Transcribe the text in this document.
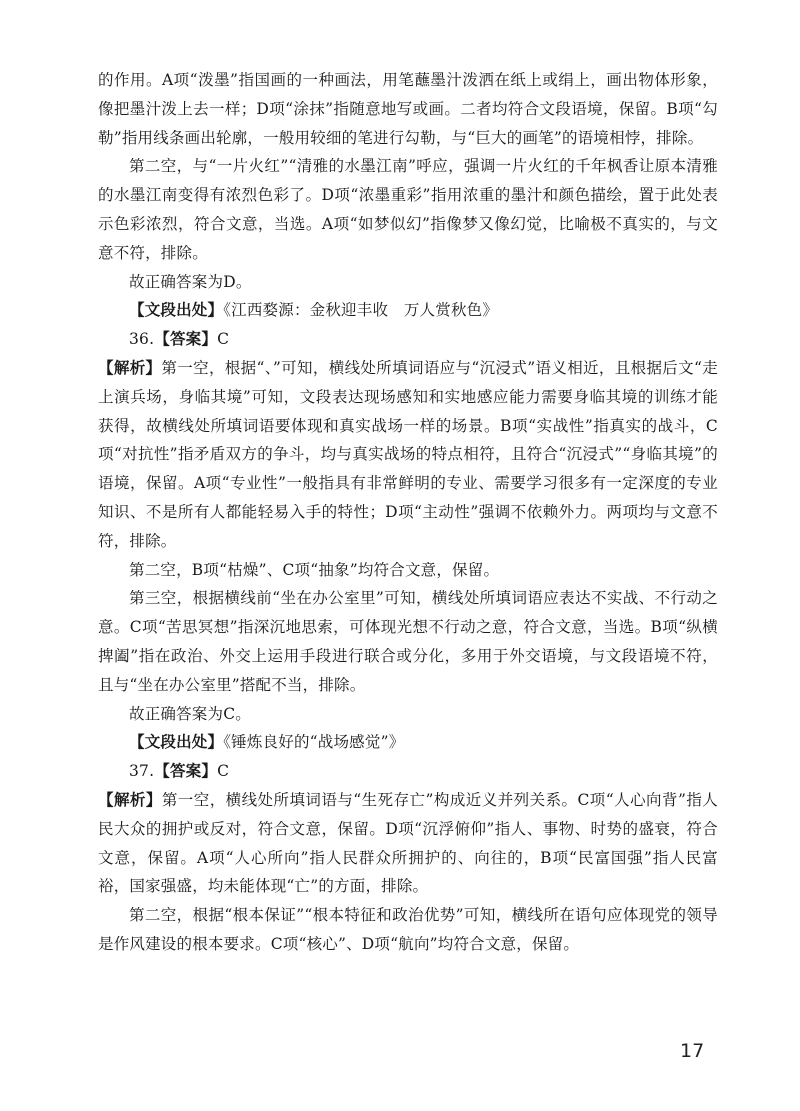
的作用。A项“泼墨”指国画的一种画法，用笔蘸墨汁泼洒在纸上或绢上，画出物体形象，像把墨汁泼上去一样；D项“涂抹”指随意地写或画。二者均符合文段语境，保留。B项“勾勒”指用线条画出轮廓，一般用较细的笔进行勾勒，与“巨大的画笔”的语境相悖，排除。

第二空，与“一片火红”“清雅的水墨江南”呼应，强调一片火红的千年枫香让原本清雅的水墨江南变得有浓烈色彩了。D项“浓墨重彩”指用浓重的墨汁和颜色描绘，置于此处表示色彩浓烈，符合文意，当选。A项“如梦似幻”指像梦又像幻觉，比喻极不真实的，与文意不符，排除。

故正确答案为D。

【文段出处】《江西婺源：金秋迎丰收　万人赏秋色》

36.【答案】C

【解析】第一空，根据“、”可知，横线处所填词语应与“沉浸式”语义相近，且根据后文“走上演兵场，身临其境”可知，文段表达现场感知和实地感应能力需要身临其境的训练才能获得，故横线处所填词语要体现和真实战场一样的场景。B项“实战性”指真实的战斗，C项“对抗性”指矛盾双方的争斗，均与真实战场的特点相符，且符合“沉浸式”“身临其境”的语境，保留。A项“专业性”一般指具有非常鲜明的专业、需要学习很多有一定深度的专业知识、不是所有人都能轻易入手的特性；D项“主动性”强调不依赖外力。两项均与文意不符，排除。

第二空，B项“枯燥”、C项“抽象”均符合文意，保留。

第三空，根据横线前“坐在办公室里”可知，横线处所填词语应表达不实战、不行动之意。C项“苦思冥想”指深沉地思索，可体现光想不行动之意，符合文意，当选。B项“纵横捭阖”指在政治、外交上运用手段进行联合或分化，多用于外交语境，与文段语境不符，且与“坐在办公室里”搭配不当，排除。

故正确答案为C。

【文段出处】《锤炼良好的“战场感觉”》

37.【答案】C

【解析】第一空，横线处所填词语与“生死存亡”构成近义并列关系。C项“人心向背”指人民大众的拥护或反对，符合文意，保留。D项“沉浮俯仰”指人、事物、时势的盛衰，符合文意，保留。A项“人心所向”指人民群众所拥护的、向往的，B项“民富国强”指人民富裕，国家强盛，均未能体现“亡”的方面，排除。

第二空，根据“根本保证”“根本特征和政治优势”可知，横线所在语句应体现党的领导是作风建设的根本要求。C项“核心”、D项“航向”均符合文意，保留。

17
